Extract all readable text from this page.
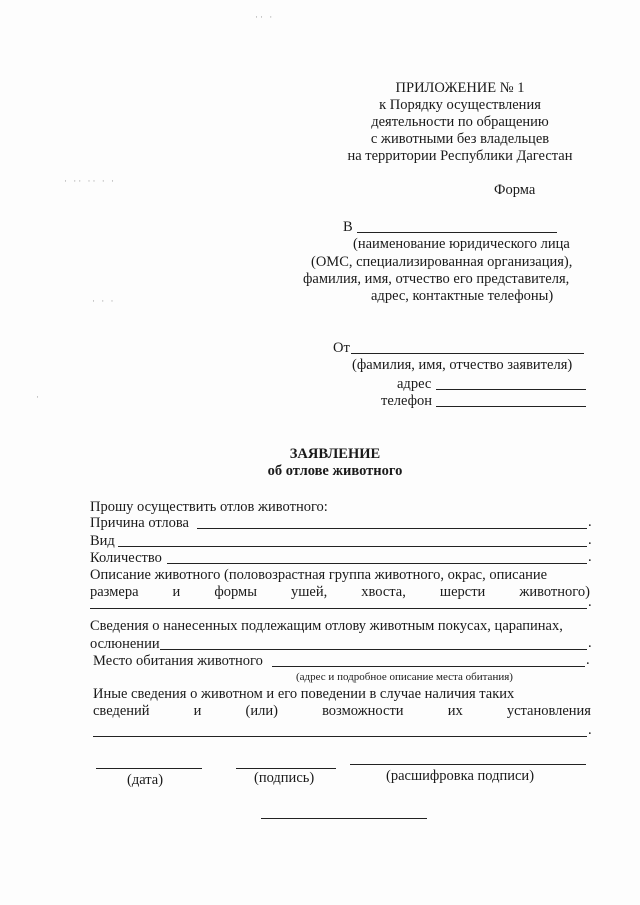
·· ·
· ·· ·· · ·
· · ·
·
ПРИЛОЖЕНИЕ № 1
к Порядку осуществления
деятельности по обращению
с животными без владельцев
на территории Республики Дагестан
Форма
В
(наименование юридического лица
(ОМС, специализированная организация),
фамилия, имя, отчество его представителя,
адрес, контактные телефоны)
От
(фамилия, имя, отчество заявителя)
адрес
телефон
ЗАЯВЛЕНИЕ
об отлове животного
Прошу осуществить отлов животного:
Причина отлова	.
Вид	.
Количество	.
Описание животного (половозрастная группа животного, окрас, описание
размера и формы ушей, хвоста, шерсти животного)
.
Сведения о нанесенных подлежащим отлову животным покусах, царапинах,
ослюнении	.
Место обитания животного	.
(адрес и подробное описание места обитания)
Иные сведения о животном и его поведении в случае наличия таких
сведений	и	(или)	возможности	их	установления
.
(дата)	(подпись)	(расшифровка подписи)
